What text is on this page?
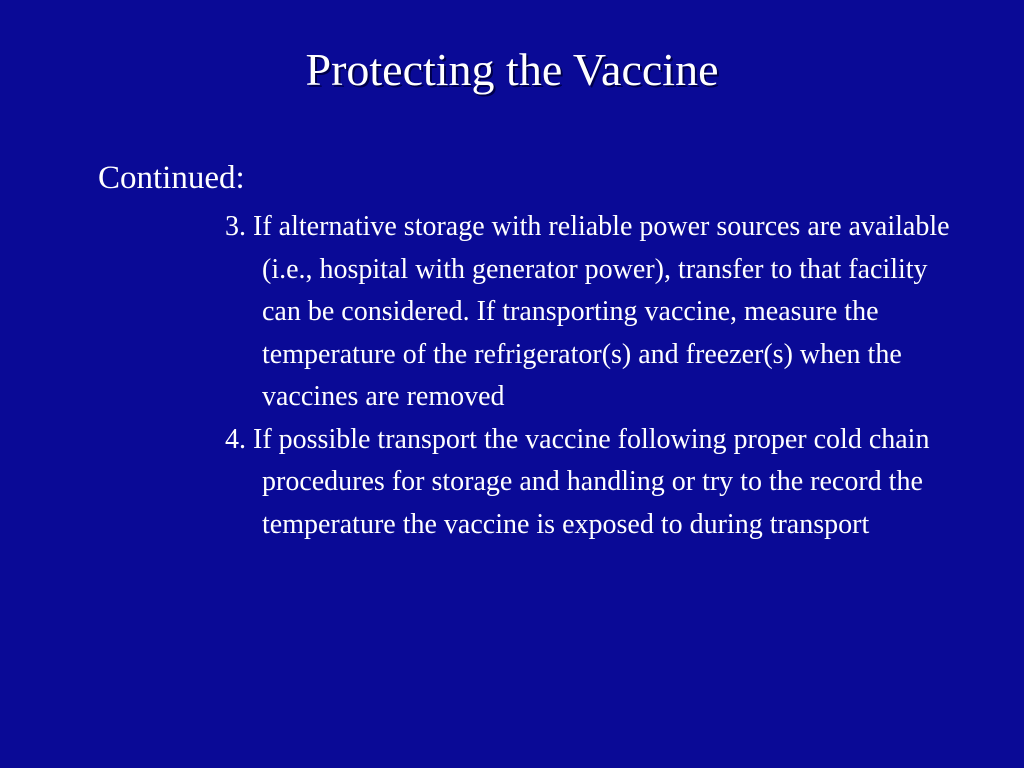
Protecting the Vaccine
Continued:
3. If alternative storage with reliable power sources are available (i.e., hospital with generator power), transfer to that facility can be considered. If transporting vaccine, measure the temperature of the refrigerator(s) and freezer(s) when the vaccines are removed
4. If possible transport the vaccine following proper cold chain procedures for storage and handling or try to the record the temperature the vaccine is exposed to during transport
